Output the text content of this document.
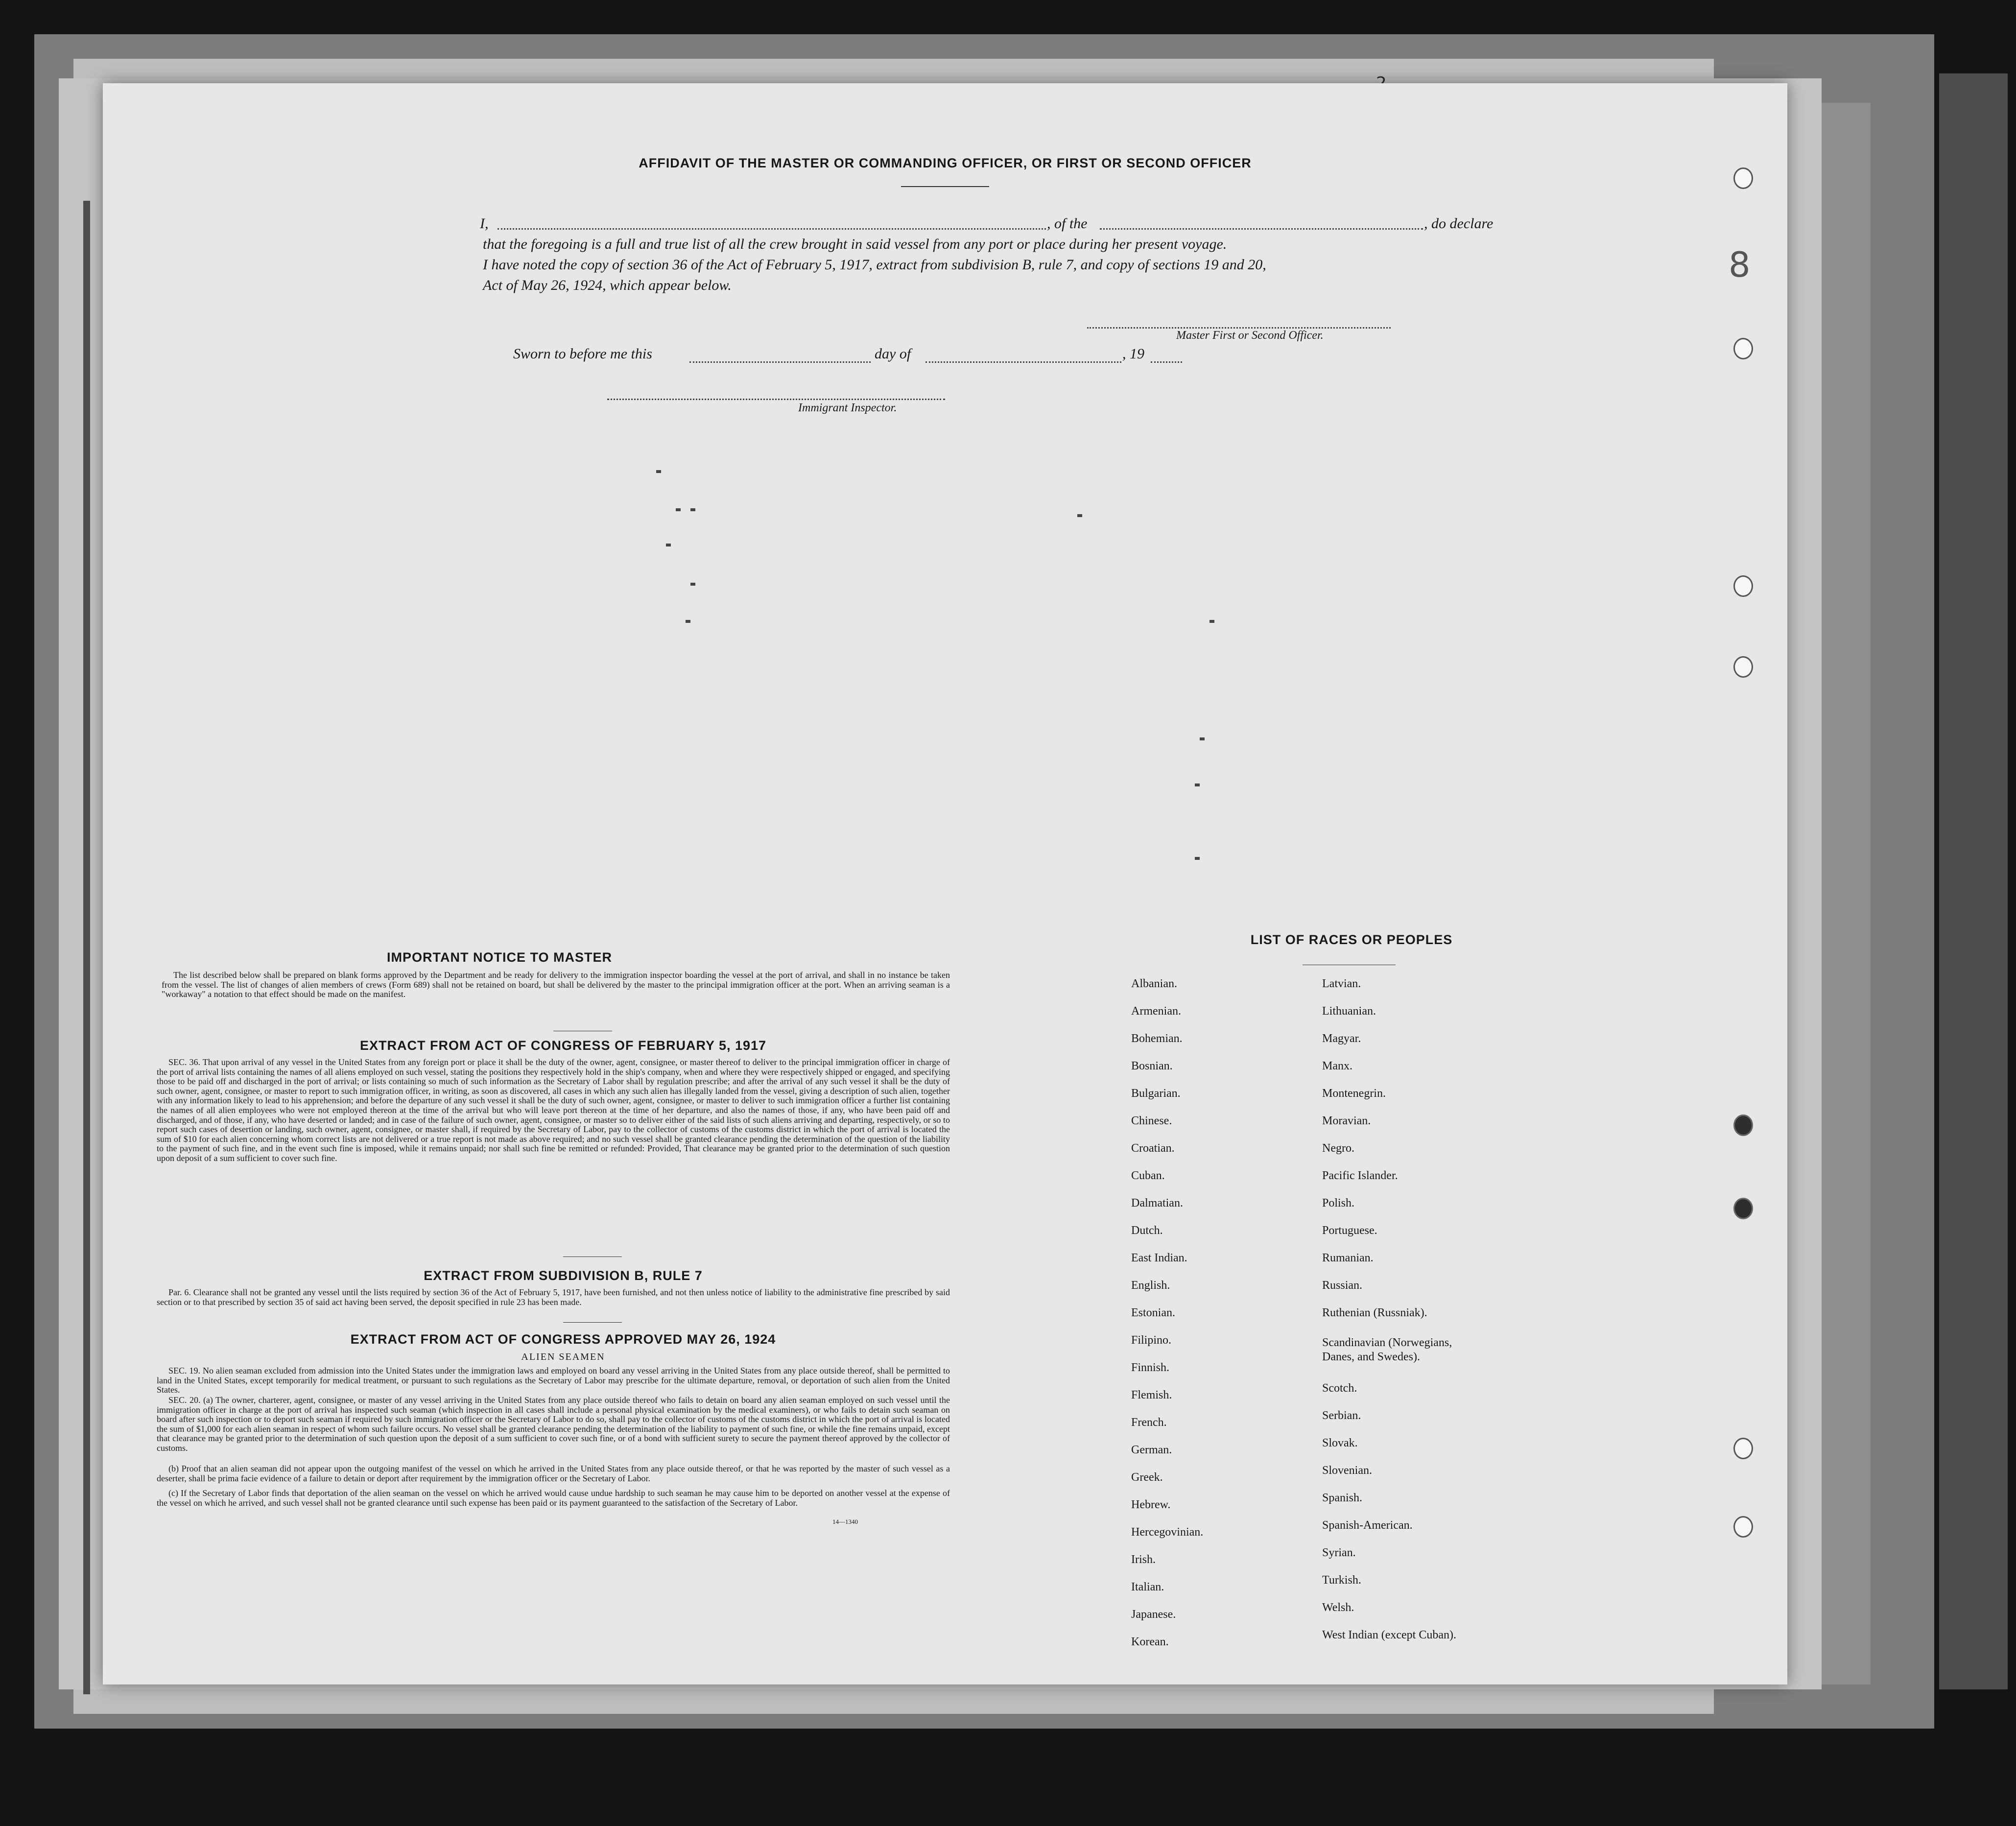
AFFIDAVIT OF THE MASTER OR COMMANDING OFFICER, OR FIRST OR SECOND OFFICER
I,	, of the	, do declare
that the foregoing is a full and true list of all the crew brought in said vessel from any port or place during her present voyage.
I have noted the copy of section 36 of the Act of February 5, 1917, extract from subdivision B, rule 7, and copy of sections 19 and 20,
Act of May 26, 1924, which appear below.
Master First or Second Officer.
Sworn to before me this	day of	, 19
Immigrant Inspector.
IMPORTANT NOTICE TO MASTER
The list described below shall be prepared on blank forms approved by the Department and be ready for delivery to the immigration inspector boarding the vessel at the port of arrival, and shall in no instance be taken from the vessel. The list of changes of alien members of crews (Form 689) shall not be retained on board, but shall be delivered by the master to the principal immigration officer at the port. When an arriving seaman is a "workaway" a notation to that effect should be made on the manifest.
EXTRACT FROM ACT OF CONGRESS OF FEBRUARY 5, 1917
SEC. 36. That upon arrival of any vessel in the United States from any foreign port or place it shall be the duty of the owner, agent, consignee, or master thereof to deliver to the principal immigration officer in charge of the port of arrival lists containing the names of all aliens employed on such vessel, stating the positions they respectively hold in the ship's company, when and where they were respectively shipped or engaged, and specifying those to be paid off and discharged in the port of arrival; or lists containing so much of such information as the Secretary of Labor shall by regulation prescribe; and after the arrival of any such vessel it shall be the duty of such owner, agent, consignee, or master to report to such immigration officer, in writing, as soon as discovered, all cases in which any such alien has illegally landed from the vessel, giving a description of such alien, together with any information likely to lead to his apprehension; and before the departure of any such vessel it shall be the duty of such owner, agent, consignee, or master to deliver to such immigration officer a further list containing the names of all alien employees who were not employed thereon at the time of the arrival but who will leave port thereon at the time of her departure, and also the names of those, if any, who have been paid off and discharged, and of those, if any, who have deserted or landed; and in case of the failure of such owner, agent, consignee, or master so to deliver either of the said lists of such aliens arriving and departing, respectively, or so to report such cases of desertion or landing, such owner, agent, consignee, or master shall, if required by the Secretary of Labor, pay to the collector of customs of the customs district in which the port of arrival is located the sum of $10 for each alien concerning whom correct lists are not delivered or a true report is not made as above required; and no such vessel shall be granted clearance pending the determination of the question of the liability to the payment of such fine, and in the event such fine is imposed, while it remains unpaid; nor shall such fine be remitted or refunded: Provided, That clearance may be granted prior to the determination of such question upon deposit of a sum sufficient to cover such fine.
EXTRACT FROM SUBDIVISION B, RULE 7
Par. 6. Clearance shall not be granted any vessel until the lists required by section 36 of the Act of February 5, 1917, have been furnished, and not then unless notice of liability to the administrative fine prescribed by said section or to that prescribed by section 35 of said act having been served, the deposit specified in rule 23 has been made.
EXTRACT FROM ACT OF CONGRESS APPROVED MAY 26, 1924
ALIEN SEAMEN
SEC. 19. No alien seaman excluded from admission into the United States under the immigration laws and employed on board any vessel arriving in the United States from any place outside thereof, shall be permitted to land in the United States, except temporarily for medical treatment, or pursuant to such regulations as the Secretary of Labor may prescribe for the ultimate departure, removal, or deportation of such alien from the United States.
SEC. 20. (a) The owner, charterer, agent, consignee, or master of any vessel arriving in the United States from any place outside thereof who fails to detain on board any alien seaman employed on such vessel until the immigration officer in charge at the port of arrival has inspected such seaman (which inspection in all cases shall include a personal physical examination by the medical examiners), or who fails to detain such seaman on board after such inspection or to deport such seaman if required by such immigration officer or the Secretary of Labor to do so, shall pay to the collector of customs of the customs district in which the port of arrival is located the sum of $1,000 for each alien seaman in respect of whom such failure occurs. No vessel shall be granted clearance pending the determination of the liability to payment of such fine, or while the fine remains unpaid, except that clearance may be granted prior to the determination of such question upon the deposit of a sum sufficient to cover such fine, or of a bond with sufficient surety to secure the payment thereof approved by the collector of customs.
(b) Proof that an alien seaman did not appear upon the outgoing manifest of the vessel on which he arrived in the United States from any place outside thereof, or that he was reported by the master of such vessel as a deserter, shall be prima facie evidence of a failure to detain or deport after requirement by the immigration officer or the Secretary of Labor.
(c) If the Secretary of Labor finds that deportation of the alien seaman on the vessel on which he arrived would cause undue hardship to such seaman he may cause him to be deported on another vessel at the expense of the vessel on which he arrived, and such vessel shall not be granted clearance until such expense has been paid or its payment guaranteed to the satisfaction of the Secretary of Labor.
14—1340
LIST OF RACES OR PEOPLES
Albanian.
Armenian.
Bohemian.
Bosnian.
Bulgarian.
Chinese.
Croatian.
Cuban.
Dalmatian.
Dutch.
East Indian.
English.
Estonian.
Filipino.
Finnish.
Flemish.
French.
German.
Greek.
Hebrew.
Hercegovinian.
Irish.
Italian.
Japanese.
Korean.
Latvian.
Lithuanian.
Magyar.
Manx.
Montenegrin.
Moravian.
Negro.
Pacific Islander.
Polish.
Portuguese.
Rumanian.
Russian.
Ruthenian (Russniak).
Scandinavian (Norwegians,
Danes, and Swedes).
Scotch.
Serbian.
Slovak.
Slovenian.
Spanish.
Spanish-American.
Syrian.
Turkish.
Welsh.
West Indian (except Cuban).
8
